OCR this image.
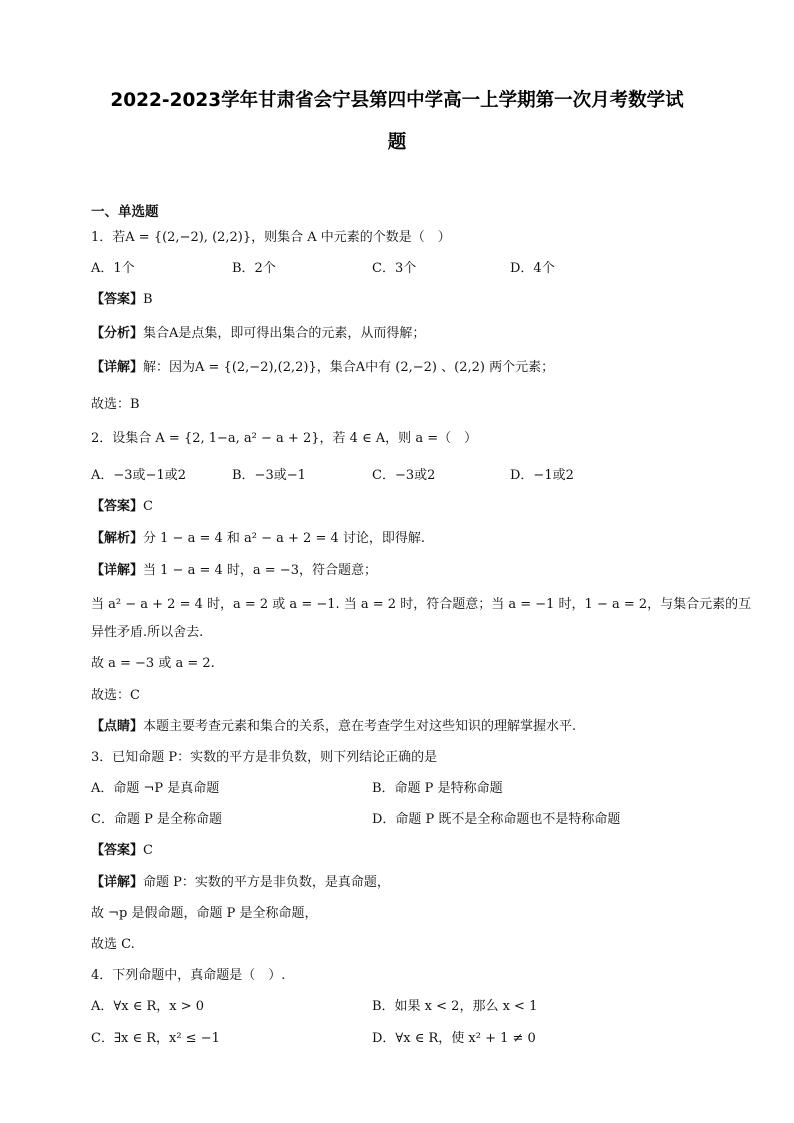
2022-2023学年甘肃省会宁县第四中学高一上学期第一次月考数学试
题
一、单选题
1．若A = {(2,−2), (2,2)}，则集合 A 中元素的个数是（　）
A．1个	B．2个	C．3个	D．4个
【答案】B
【分析】集合A是点集，即可得出集合的元素，从而得解；
【详解】解：因为A = {(2,−2),(2,2)}，集合A中有 (2,−2) 、(2,2) 两个元素；
故选：B
2．设集合 A = {2, 1−a, a² − a + 2}，若 4 ∈ A，则 a =（　）
A．−3或−1或2	B．−3或−1	C．−3或2	D．−1或2
【答案】C
【解析】分 1 − a = 4 和 a² − a + 2 = 4 讨论，即得解.
【详解】当 1 − a = 4 时，a = −3，符合题意；
当 a² − a + 2 = 4 时，a = 2 或 a = −1. 当 a = 2 时，符合题意；当 a = −1 时，1 − a = 2，与集合元素的互
异性矛盾.所以舍去.
故 a = −3 或 a = 2.
故选：C
【点睛】本题主要考查元素和集合的关系，意在考查学生对这些知识的理解掌握水平.
3．已知命题 P：实数的平方是非负数，则下列结论正确的是
A．命题 ¬P 是真命题	B．命题 P 是特称命题
C．命题 P 是全称命题	D．命题 P 既不是全称命题也不是特称命题
【答案】C
【详解】命题 P：实数的平方是非负数，是真命题，
故 ¬p 是假命题，命题 P 是全称命题，
故选 C.
4．下列命题中，真命题是（　）.
A．∀x ∈ R，x > 0	B．如果 x < 2，那么 x < 1
C．∃x ∈ R，x² ≤ −1	D．∀x ∈ R，使 x² + 1 ≠ 0
